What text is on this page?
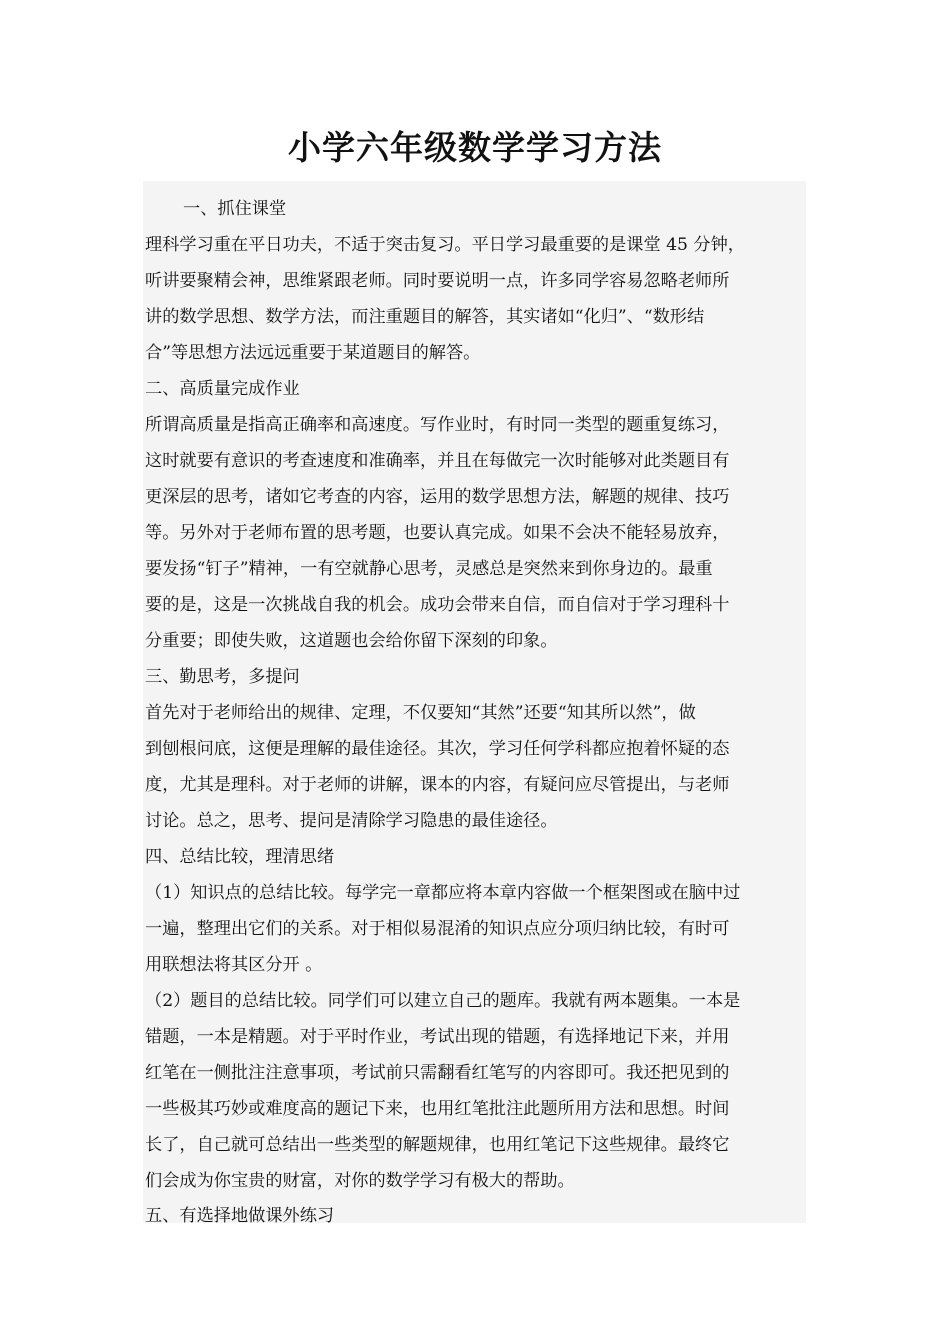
小学六年级数学学习方法
一、抓住课堂
理科学习重在平日功夫，不适于突击复习。平日学习最重要的是课堂 45 分钟，
听讲要聚精会神，思维紧跟老师。同时要说明一点，许多同学容易忽略老师所
讲的数学思想、数学方法，而注重题目的解答，其实诸如“化归”、“数形结
合”等思想方法远远重要于某道题目的解答。
二、高质量完成作业
所谓高质量是指高正确率和高速度。写作业时，有时同一类型的题重复练习，
这时就要有意识的考查速度和准确率，并且在每做完一次时能够对此类题目有
更深层的思考，诸如它考查的内容，运用的数学思想方法，解题的规律、技巧
等。另外对于老师布置的思考题，也要认真完成。如果不会决不能轻易放弃，
要发扬“钉子”精神，一有空就静心思考，灵感总是突然来到你身边的。最重
要的是，这是一次挑战自我的机会。成功会带来自信，而自信对于学习理科十
分重要；即使失败，这道题也会给你留下深刻的印象。
三、勤思考，多提问
首先对于老师给出的规律、定理，不仅要知“其然”还要“知其所以然”，做
到刨根问底，这便是理解的最佳途径。其次，学习任何学科都应抱着怀疑的态
度，尤其是理科。对于老师的讲解，课本的内容，有疑问应尽管提出，与老师
讨论。总之，思考、提问是清除学习隐患的最佳途径。
四、总结比较，理清思绪
（1）知识点的总结比较。每学完一章都应将本章内容做一个框架图或在脑中过
一遍，整理出它们的关系。对于相似易混淆的知识点应分项归纳比较，有时可
用联想法将其区分开 。
（2）题目的总结比较。同学们可以建立自己的题库。我就有两本题集。一本是
错题，一本是精题。对于平时作业，考试出现的错题，有选择地记下来，并用
红笔在一侧批注注意事项，考试前只需翻看红笔写的内容即可。我还把见到的
一些极其巧妙或难度高的题记下来，也用红笔批注此题所用方法和思想。时间
长了，自己就可总结出一些类型的解题规律，也用红笔记下这些规律。最终它
们会成为你宝贵的财富，对你的数学学习有极大的帮助。
五、有选择地做课外练习
